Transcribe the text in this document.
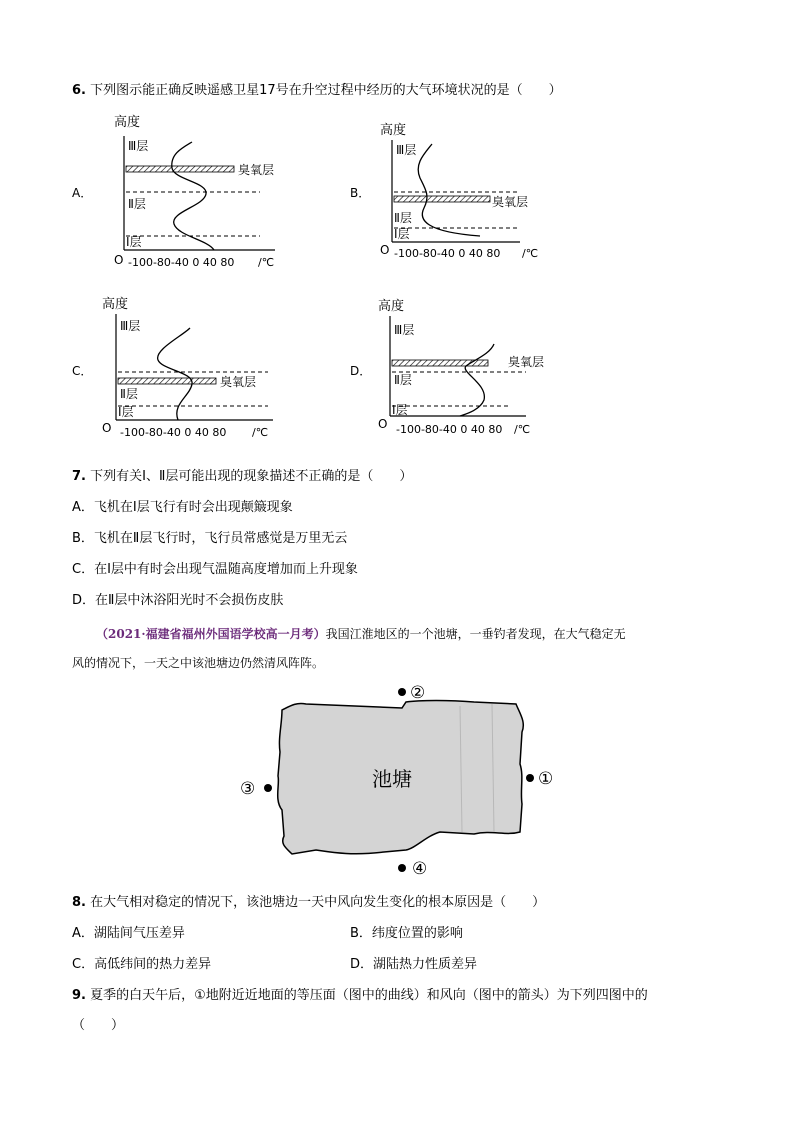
6. 下列图示能正确反映遥感卫星17号在升空过程中经历的大气环境状况的是（　　）
A．
高度
Ⅲ层
臭氧层
Ⅱ层
Ⅰ层
O -100-80-40 0 40 80 /℃
B．
高度
Ⅲ层
臭氧层
Ⅱ层
Ⅰ层
O -100-80-40 0 40 80 /℃
C．
高度
Ⅲ层
臭氧层
Ⅱ层
Ⅰ层
O -100-80-40 0 40 80 /℃
D．
高度
Ⅲ层
臭氧层
Ⅱ层
Ⅰ层
O -100-80-40 0 40 80 /℃
7. 下列有关Ⅰ、Ⅱ层可能出现的现象描述不正确的是（　　）
A．飞机在Ⅰ层飞行有时会出现颠簸现象
B．飞机在Ⅱ层飞行时，飞行员常感觉是万里无云
C．在Ⅰ层中有时会出现气温随高度增加而上升现象
D．在Ⅱ层中沐浴阳光时不会损伤皮肤
（2021·福建省福州外国语学校高一月考）我国江淮地区的一个池塘，一垂钓者发现，在大气稳定无
风的情况下，一天之中该池塘边仍然清风阵阵。
池塘
②
①
③
④
8. 在大气相对稳定的情况下，该池塘边一天中风向发生变化的根本原因是（　　）
A．湖陆间气压差异	B．纬度位置的影响
C．高低纬间的热力差异	D．湖陆热力性质差异
9. 夏季的白天午后，①地附近近地面的等压面（图中的曲线）和风向（图中的箭头）为下列四图中的
（　　）
